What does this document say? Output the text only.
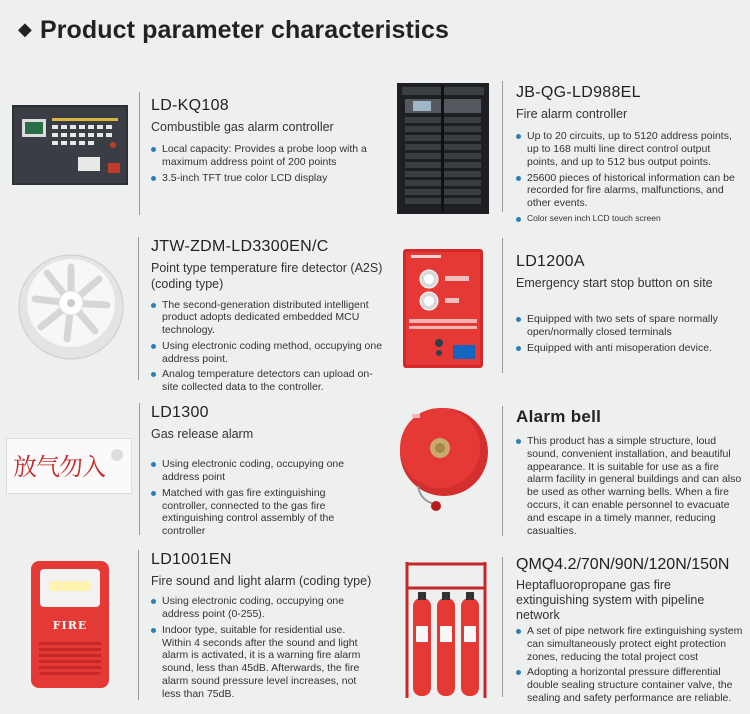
◆ Product parameter characteristics

LD-KQ108

Combustible gas alarm controller

Local capacity: Provides a probe loop with a maximum address point of 200 points
3.5-inch TFT true color LCD display

JB-QG-LD988EL

Fire alarm controller

Up to 20 circuits, up to 5120 address points, up to 168 multi line direct control output points, and up to 512 bus output points.
25600 pieces of historical information can be recorded for fire alarms, malfunctions, and other events.
Color seven inch LCD touch screen

JTW-ZDM-LD3300EN/C

Point type temperature fire detector (A2S) (coding type)

The second-generation distributed intelligent product adopts dedicated embedded MCU technology.
Using electronic coding method, occupying one address point.
Analog temperature detectors can upload on-site collected data to the controller.

LD1200A

Emergency start stop button on site

Equipped with two sets of spare normally open/normally closed terminals
Equipped with anti misoperation device.
放气勿入

LD1300

Gas release alarm

Using electronic coding, occupying one address point
Matched with gas fire extinguishing controller, connected to the gas fire extinguishing control assembly of the controller

Alarm bell

This product has a simple structure, loud sound, convenient installation, and beautiful appearance. It is suitable for use as a fire alarm facility in general buildings and can also be used as other warning bells. When a fire occurs, it can enable personnel to evacuate and escape in a timely manner, reducing casualties.
FIRE

LD1001EN

Fire sound and light alarm (coding type)

Using electronic coding, occupying one address point (0-255).
Indoor type, suitable for residential use. Within 4 seconds after the sound and light alarm is activated, it is a warning fire alarm sound, less than 45dB. Afterwards, the fire alarm sound pressure level increases, not less than 75dB.

QMQ4.2/70N/90N/120N/150N

Heptafluoropropane gas fire extinguishing system with pipeline network

A set of pipe network fire extinguishing system can simultaneously protect eight protection zones, reducing the total project cost
Adopting a horizontal pressure differential double sealing structure container valve, the sealing and safety performance are reliable.
